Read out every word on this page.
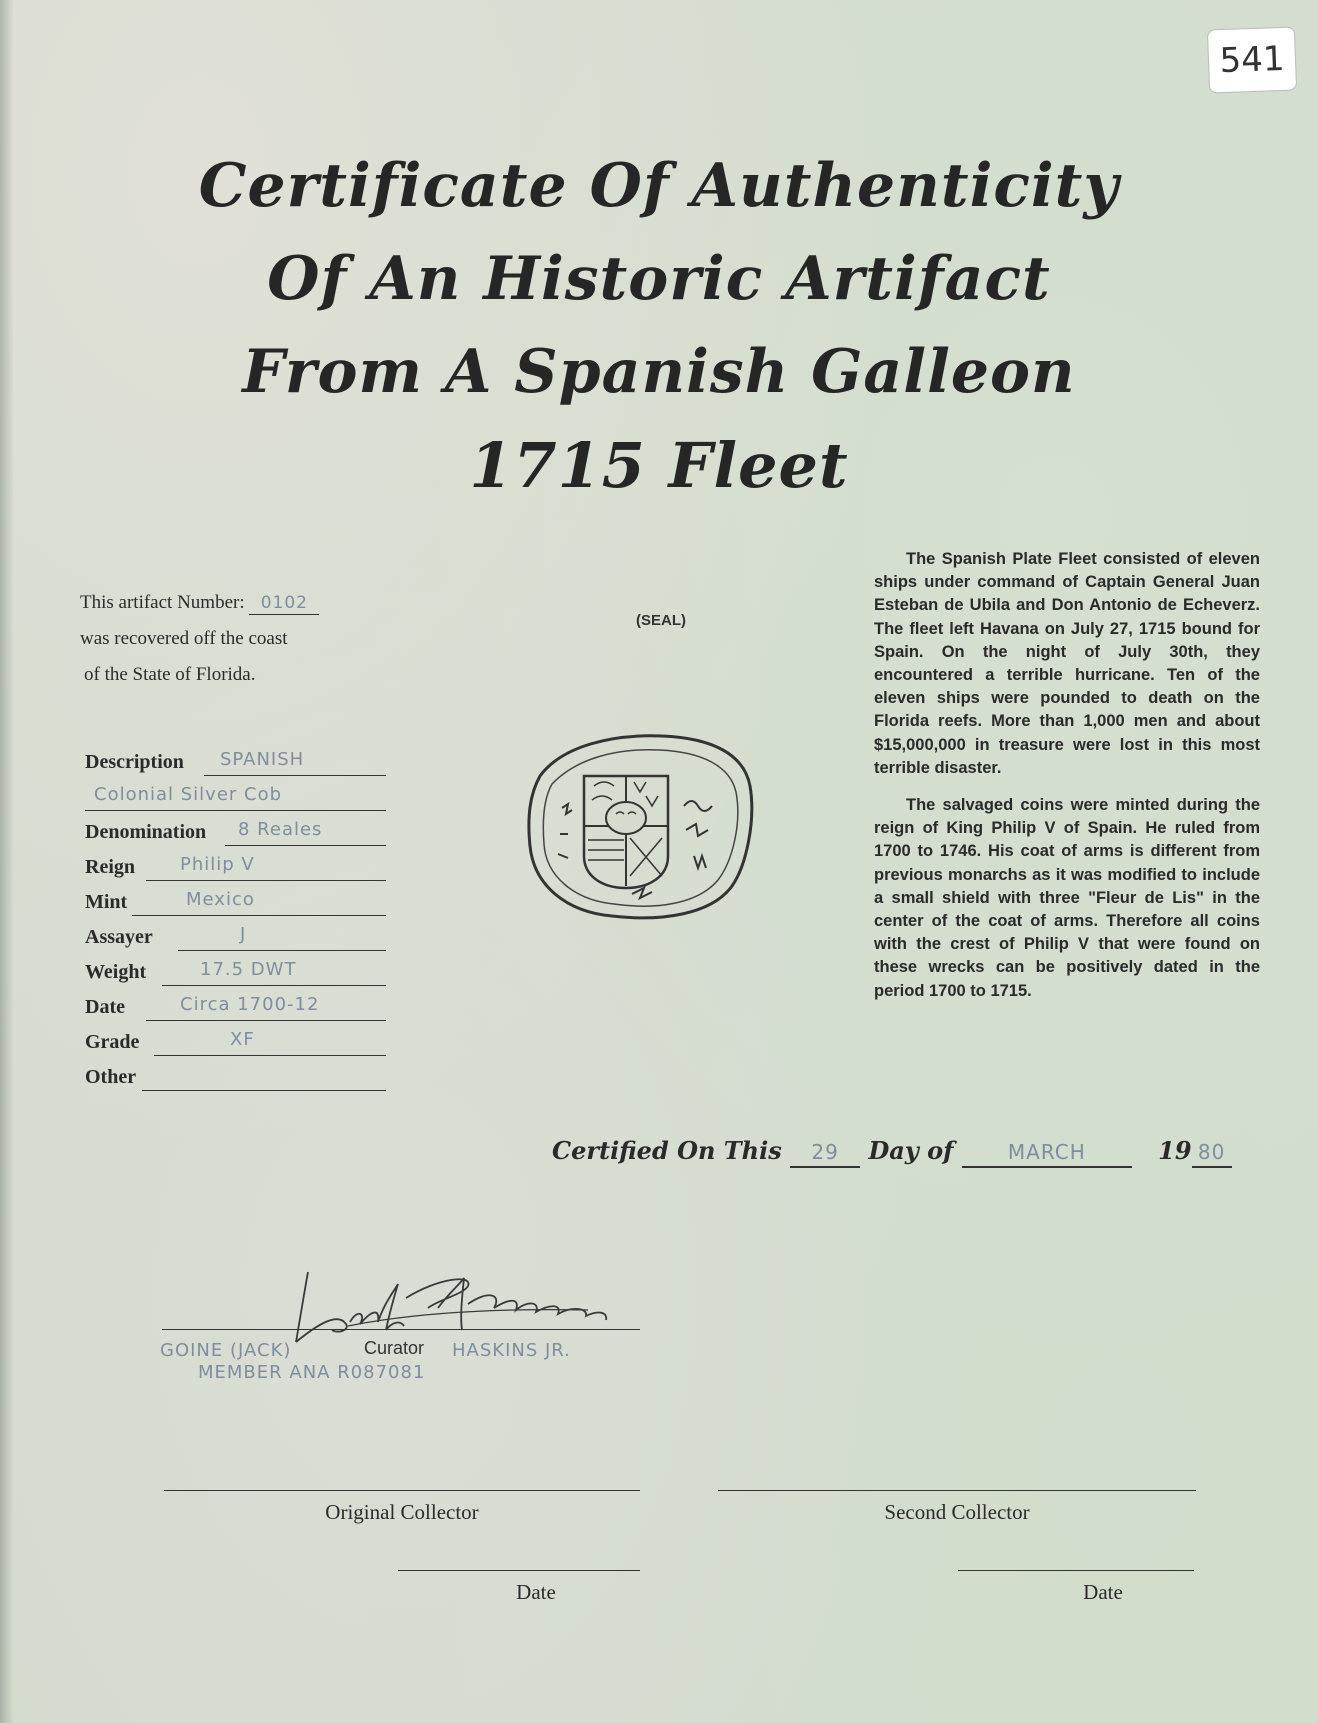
541
Certificate Of Authenticity
Of An Historic Artifact
From A Spanish Galleon
1715 Fleet
This artifact Number: 0102
was recovered off the coast
of the State of Florida.
Description SPANISH
Colonial Silver Cob
Denomination 8 Reales
Reign	Philip V
Mint	Mexico
Assayer	J
Weight	17.5 DWT
Date	Circa 1700-12
Grade	XF
Other
(SEAL)

The Spanish Plate Fleet consisted of eleven ships under command of Captain General Juan Esteban de Ubila and Don Antonio de Echeverz. The fleet left Havana on July 27, 1715 bound for Spain. On the night of July 30th, they encountered a terrible hurricane. Ten of the eleven ships were pounded to death on the Florida reefs. More than 1,000 men and about $15,000,000 in treasure were lost in this most terrible disaster.

The salvaged coins were minted during the reign of King Philip V of Spain. He ruled from 1700 to 1746. His coat of arms is different from previous monarchs as it was modified to include a small shield with three "Fleur de Lis" in the center of the coat of arms. Therefore all coins with the crest of Philip V that were found on these wrecks can be positively dated in the period 1700 to 1715.

Certified On This 29 Day of	MARCH	19 80
GOINE (JACK)	Curator HASKINS JR.
MEMBER ANA R087081
Original Collector	Second Collector
Date	Date
